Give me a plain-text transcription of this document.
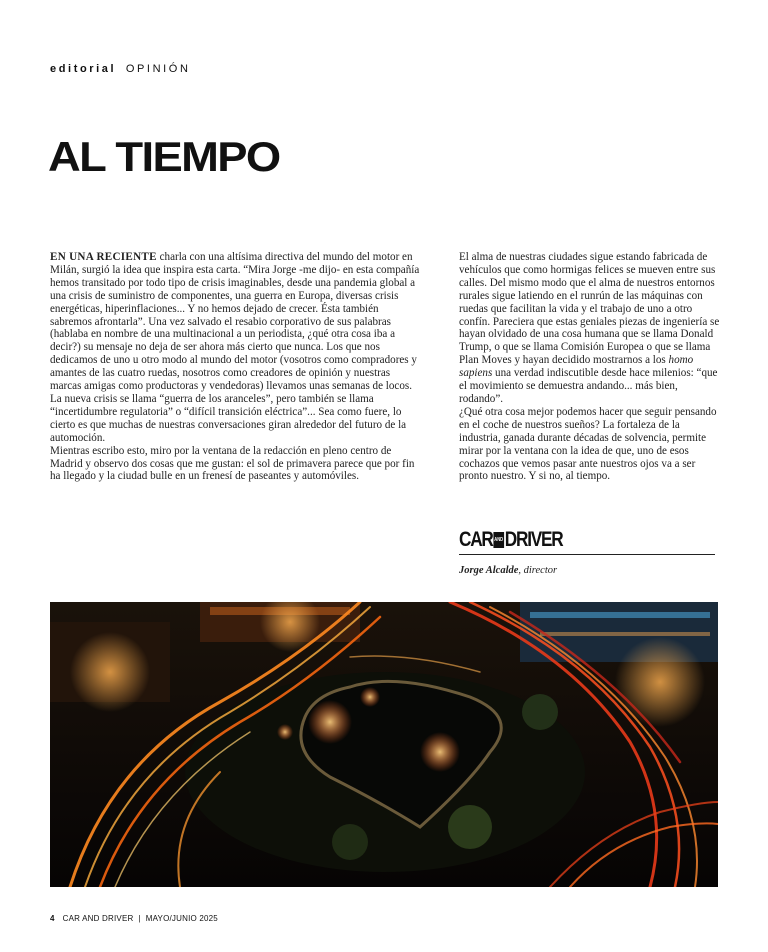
editorial OPINIÓN
AL TIEMPO

EN UNA RECIENTE charla con una altísima directiva del mundo del motor en Milán, surgió la idea que inspira esta carta. “Mira Jorge -me dijo- en esta compañía hemos transitado por todo tipo de crisis imaginables, desde una pandemia global a una crisis de suministro de componentes, una guerra en Europa, diversas crisis energéticas, hiperinflaciones... Y no hemos dejado de crecer. Ésta también sabremos afrontarla”. Una vez salvado el resabio corporativo de sus palabras (hablaba en nombre de una multinacional a un periodista, ¿qué otra cosa iba a decir?) su mensaje no deja de ser ahora más cierto que nunca. Los que nos dedicamos de uno u otro modo al mundo del motor (vosotros como compradores y amantes de las cuatro ruedas, nosotros como creadores de opinión y nuestras marcas amigas como productoras y vendedoras) llevamos unas semanas de locos. La nueva crisis se llama “guerra de los aranceles”, pero también se llama “incertidumbre regulatoria” o “difícil transición eléctrica”... Sea como fuere, lo cierto es que muchas de nuestras conversaciones giran alrededor del futuro de la automoción.

Mientras escribo esto, miro por la ventana de la redacción en pleno centro de Madrid y observo dos cosas que me gustan: el sol de primavera parece que por fin ha llegado y la ciudad bulle en un frenesí de paseantes y automóviles.

El alma de nuestras ciudades sigue estando fabricada de vehículos que como hormigas felices se mueven entre sus calles. Del mismo modo que el alma de nuestros entornos rurales sigue latiendo en el runrún de las máquinas con ruedas que facilitan la vida y el trabajo de uno a otro confín. Pareciera que estas geniales piezas de ingeniería se hayan olvidado de una cosa humana que se llama Donald Trump, o que se llama Comisión Europea o que se llama Plan Moves y hayan decidido mostrarnos a los homo sapiens una verdad indiscutible desde hace milenios: “que el movimiento se demuestra andando... más bien, rodando”.

¿Qué otra cosa mejor podemos hacer que seguir pensando en el coche de nuestros sueños? La fortaleza de la industria, ganada durante décadas de solvencia, permite mirar por la ventana con la idea de que, uno de esos cochazos que vemos pasar ante nuestros ojos va a ser pronto nuestro. Y si no, al tiempo.

CAR AND DRIVER
Jorge Alcalde, director
4 CAR AND DRIVER | MAYO/JUNIO 2025
